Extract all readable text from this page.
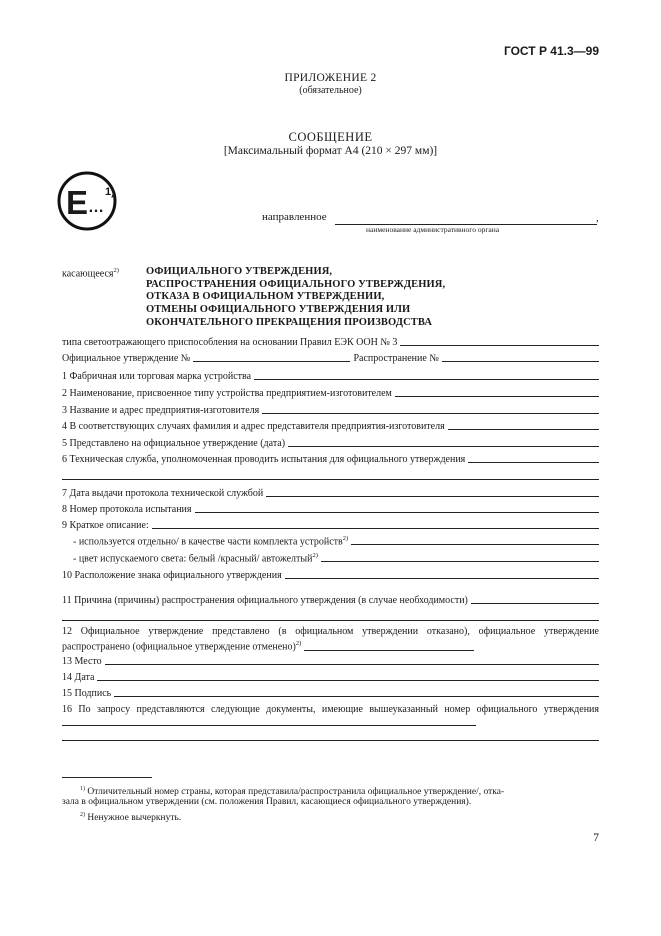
ГОСТ Р 41.3—99
ПРИЛОЖЕНИЕ 2
(обязательное)
СООБЩЕНИЕ
[Максимальный формат А4 (210 × 297 мм)]
E …
1)
направленное	,
наименование административного органа
касающееся$^{2)}$	ОФИЦИАЛЬНОГО УТВЕРЖДЕНИЯ,
РАСПРОСТРАНЕНИЯ ОФИЦИАЛЬНОГО УТВЕРЖДЕНИЯ,
ОТКАЗА В ОФИЦИАЛЬНОМ УТВЕРЖДЕНИИ,
ОТМЕНЫ ОФИЦИАЛЬНОГО УТВЕРЖДЕНИЯ ИЛИ
ОКОНЧАТЕЛЬНОГО ПРЕКРАЩЕНИЯ ПРОИЗВОДСТВА
типа светоотражающего приспособления на основании Правил ЕЭК ООН № 3
Официальное утверждение №	Распространение №
1 Фабричная или торговая марка устройства
2 Наименование, присвоенное типу устройства предприятием-изготовителем
3 Название и адрес предприятия-изготовителя
4 В соответствующих случаях фамилия и адрес представителя предприятия-изготовителя
5 Представлено на официальное утверждение (дата)
6 Техническая служба, уполномоченная проводить испытания для официального утверждения
7 Дата выдачи протокола технической службой
8 Номер протокола испытания
9 Краткое описание:
- используется отдельно/ в качестве части комплекта устройств$^{2)}$
- цвет испускаемого света: белый /красный/ автожелтый$^{2)}$
10 Расположение знака официального утверждения
11 Причина (причины) распространения официального утверждения (в случае необходимости)
12 Официальное утверждение представлено (в официальном утверждении отказано), официальное утверждение распространено (официальное утверждение отменено)$^{2)}$
13 Место
14 Дата
15 Подпись
16 По запросу представляются следующие документы, имеющие вышеуказанный номер официального утверждения
$^{1)}$ Отличительный номер страны, которая представила/распространила официальное утверждение/, отка-
зала в официальном утверждении (см. положения Правил, касающиеся официального утверждения).
$^{2)}$ Ненужное вычеркнуть.
7
